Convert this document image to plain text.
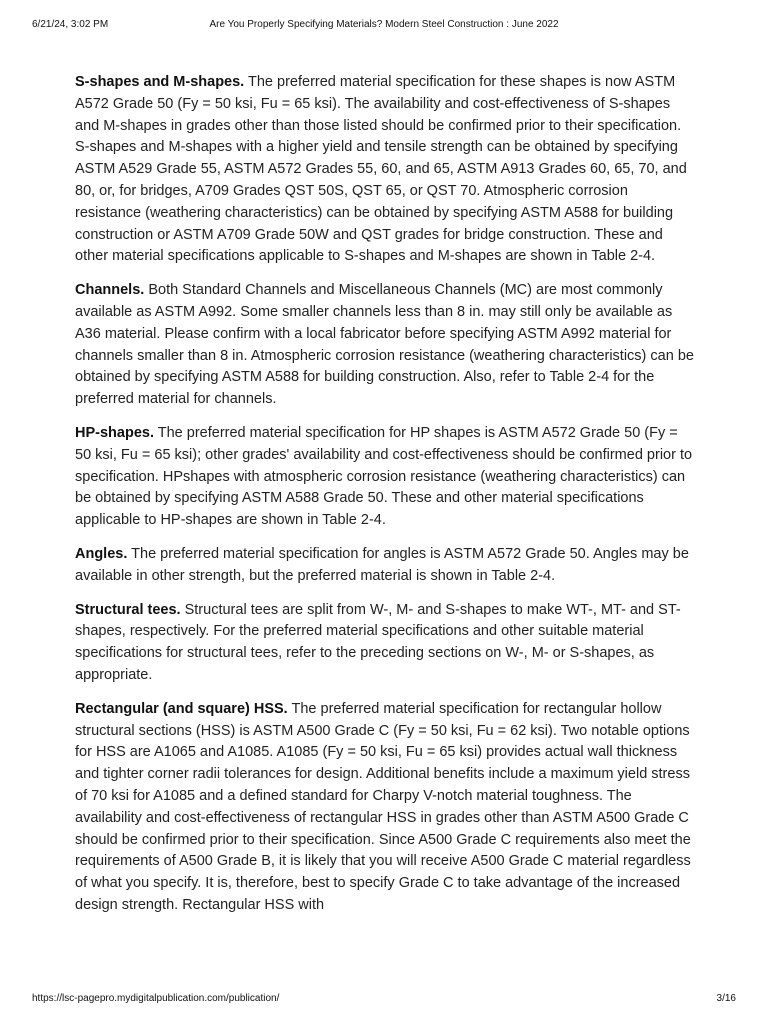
6/21/24, 3:02 PM	Are You Properly Specifying Materials? Modern Steel Construction : June 2022

S-shapes and M-shapes. The preferred material specification for these shapes is now ASTM A572 Grade 50 (Fy = 50 ksi, Fu = 65 ksi). The availability and cost-effectiveness of S-shapes and M-shapes in grades other than those listed should be confirmed prior to their specification. S-shapes and M-shapes with a higher yield and tensile strength can be obtained by specifying ASTM A529 Grade 55, ASTM A572 Grades 55, 60, and 65, ASTM A913 Grades 60, 65, 70, and 80, or, for bridges, A709 Grades QST 50S, QST 65, or QST 70. Atmospheric corrosion resistance (weathering characteristics) can be obtained by specifying ASTM A588 for building construction or ASTM A709 Grade 50W and QST grades for bridge construction. These and other material specifications applicable to S-shapes and M-shapes are shown in Table 2-4.

Channels. Both Standard Channels and Miscellaneous Channels (MC) are most commonly available as ASTM A992. Some smaller channels less than 8 in. may still only be available as A36 material. Please confirm with a local fabricator before specifying ASTM A992 material for channels smaller than 8 in. Atmospheric corrosion resistance (weathering characteristics) can be obtained by specifying ASTM A588 for building construction. Also, refer to Table 2-4 for the preferred material for channels.

HP-shapes. The preferred material specification for HP shapes is ASTM A572 Grade 50 (Fy = 50 ksi, Fu = 65 ksi); other grades' availability and cost-effectiveness should be confirmed prior to specification. HPshapes with atmospheric corrosion resistance (weathering characteristics) can be obtained by specifying ASTM A588 Grade 50. These and other material specifications applicable to HP-shapes are shown in Table 2-4.

Angles. The preferred material specification for angles is ASTM A572 Grade 50. Angles may be available in other strength, but the preferred material is shown in Table 2-4.

Structural tees. Structural tees are split from W-, M- and S-shapes to make WT-, MT- and ST-shapes, respectively. For the preferred material specifications and other suitable material specifications for structural tees, refer to the preceding sections on W-, M- or S-shapes, as appropriate.

Rectangular (and square) HSS. The preferred material specification for rectangular hollow structural sections (HSS) is ASTM A500 Grade C (Fy = 50 ksi, Fu = 62 ksi). Two notable options for HSS are A1065 and A1085. A1085 (Fy = 50 ksi, Fu = 65 ksi) provides actual wall thickness and tighter corner radii tolerances for design. Additional benefits include a maximum yield stress of 70 ksi for A1085 and a defined standard for Charpy V-notch material toughness. The availability and cost-effectiveness of rectangular HSS in grades other than ASTM A500 Grade C should be confirmed prior to their specification. Since A500 Grade C requirements also meet the requirements of A500 Grade B, it is likely that you will receive A500 Grade C material regardless of what you specify. It is, therefore, best to specify Grade C to take advantage of the increased design strength. Rectangular HSS with

https://lsc-pagepro.mydigitalpublication.com/publication/	3/16
